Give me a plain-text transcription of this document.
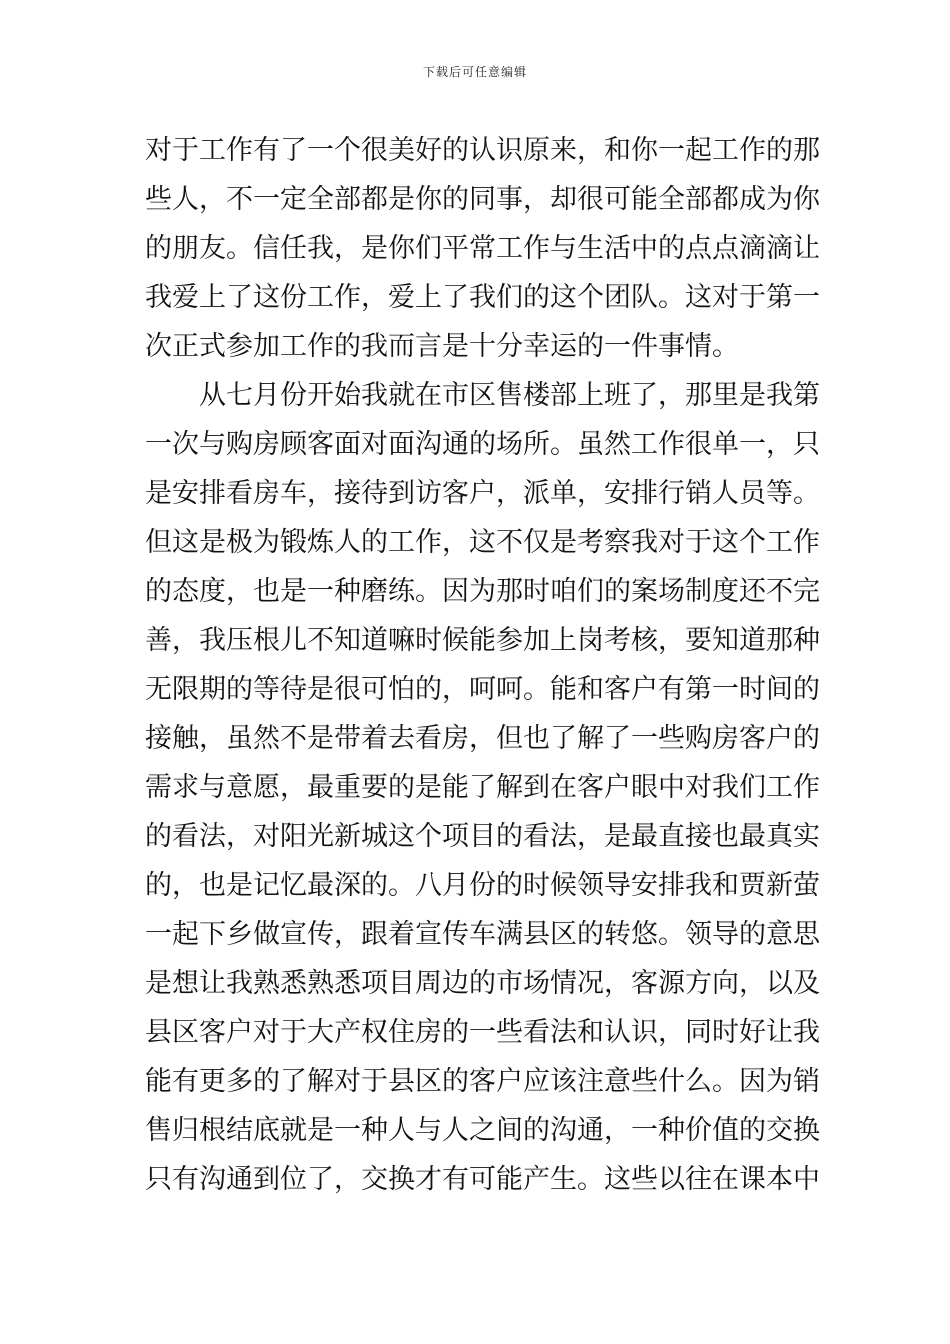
下载后可任意编辑
对于工作有了一个很美好的认识原来，和你一起工作的那
些人，不一定全部都是你的同事，却很可能全部都成为你
的朋友。信任我，是你们平常工作与生活中的点点滴滴让
我爱上了这份工作，爱上了我们的这个团队。这对于第一
次正式参加工作的我而言是十分幸运的一件事情。
从七月份开始我就在市区售楼部上班了，那里是我第
一次与购房顾客面对面沟通的场所。虽然工作很单一，只
是安排看房车，接待到访客户，派单，安排行销人员等。
但这是极为锻炼人的工作，这不仅是考察我对于这个工作
的态度，也是一种磨练。因为那时咱们的案场制度还不完
善，我压根儿不知道嘛时候能参加上岗考核，要知道那种
无限期的等待是很可怕的，呵呵。能和客户有第一时间的
接触，虽然不是带着去看房，但也了解了一些购房客户的
需求与意愿，最重要的是能了解到在客户眼中对我们工作
的看法，对阳光新城这个项目的看法，是最直接也最真实
的，也是记忆最深的。八月份的时候领导安排我和贾新萤
一起下乡做宣传，跟着宣传车满县区的转悠。领导的意思
是想让我熟悉熟悉项目周边的市场情况，客源方向，以及
县区客户对于大产权住房的一些看法和认识，同时好让我
能有更多的了解对于县区的客户应该注意些什么。因为销
售归根结底就是一种人与人之间的沟通，一种价值的交换
只有沟通到位了，交换才有可能产生。这些以往在课本中
